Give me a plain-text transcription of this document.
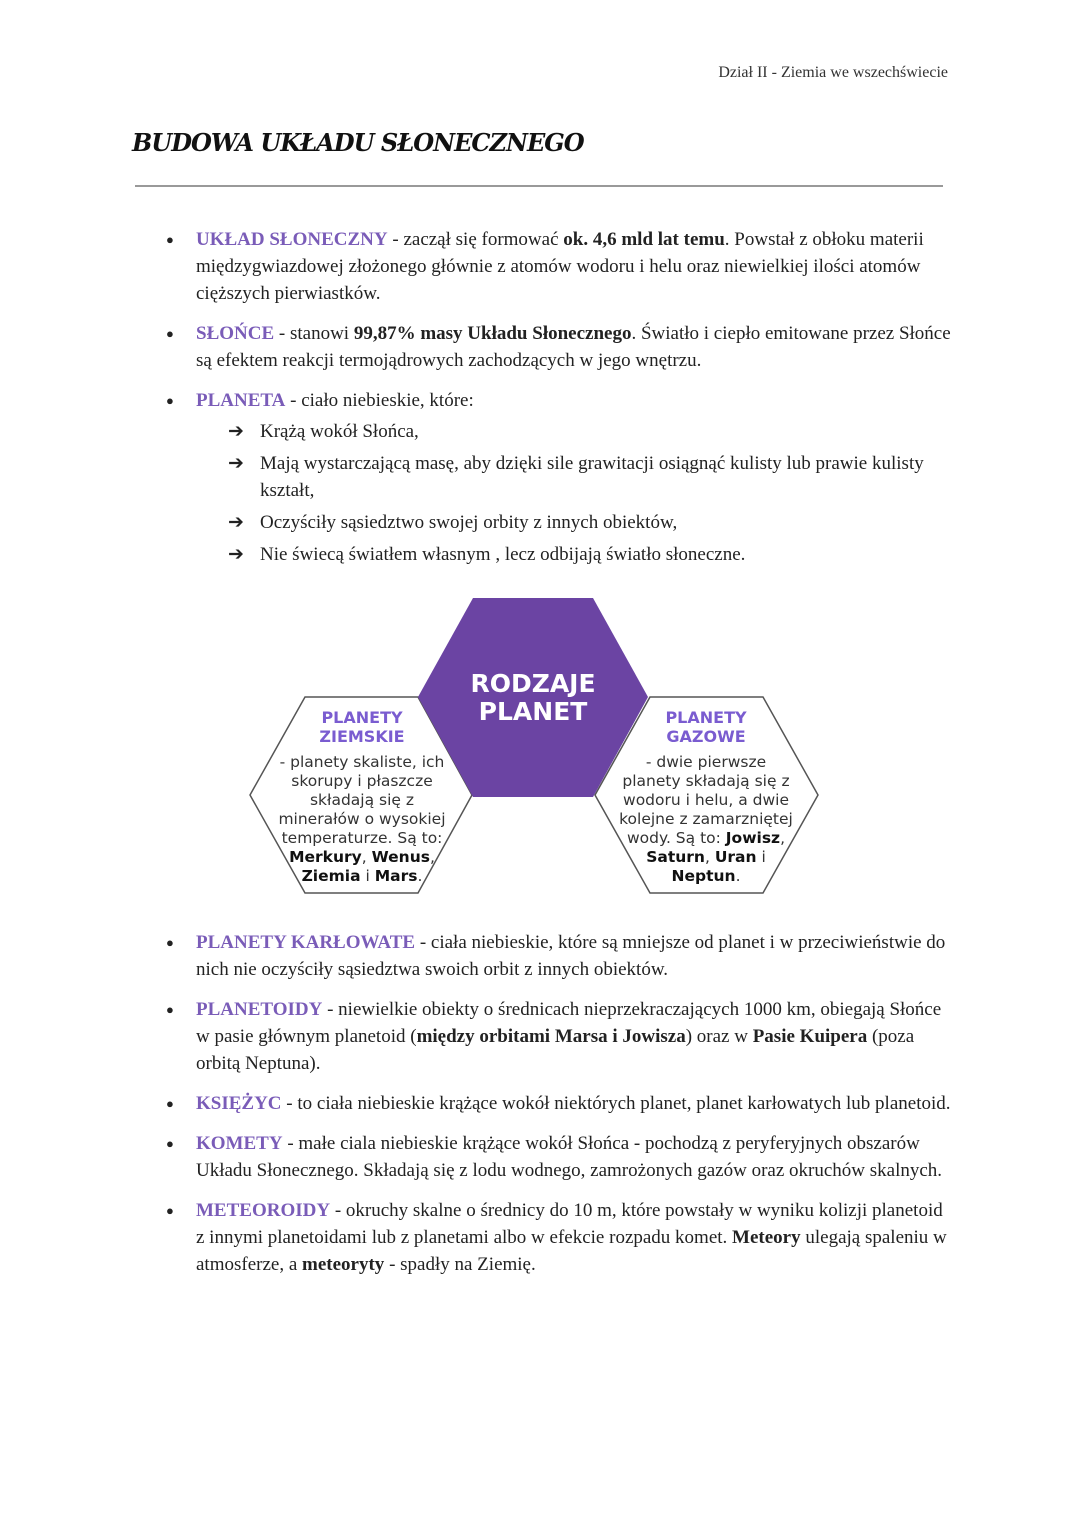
Dział II - Ziemia we wszechświecie
BUDOWA UKŁADU SŁONECZNEGO
● UKŁAD SŁONECZNY - zaczął się formować ok. 4,6 mld lat temu. Powstał z obłoku materii międzygwiazdowej złożonego głównie z atomów wodoru i helu oraz niewielkiej ilości atomów cięższych pierwiastków.
● SŁOŃCE - stanowi 99,87% masy Układu Słonecznego. Światło i ciepło emitowane przez Słońce są efektem reakcji termojądrowych zachodzących w jego wnętrzu.
● PLANETA - ciało niebieskie, które:
➔ Krążą wokół Słońca,
➔ Mają wystarczającą masę, aby dzięki sile grawitacji osiągnąć kulisty lub prawie kulisty kształt,
➔ Oczyściły sąsiedztwo swojej orbity z innych obiektów,
➔ Nie świecą światłem własnym , lecz odbijają światło słoneczne.
RODZAJE
PLANET
PLANETY
ZIEMSKIE
- planety skaliste, ich
skorupy i płaszcze
składają się z
minerałów o wysokiej
temperaturze. Są to:
Merkury, Wenus,
Ziemia i Mars.
PLANETY
GAZOWE
- dwie pierwsze
planety składają się z
wodoru i helu, a dwie
kolejne z zamarzniętej
wody. Są to: Jowisz,
Saturn, Uran i
Neptun.
● PLANETY KARŁOWATE - ciała niebieskie, które są mniejsze od planet i w przeciwieństwie do nich nie oczyściły sąsiedztwa swoich orbit z innych obiektów.
● PLANETOIDY - niewielkie obiekty o średnicach nieprzekraczających 1000 km, obiegają Słońce w pasie głównym planetoid (między orbitami Marsa i Jowisza) oraz w Pasie Kuipera (poza orbitą Neptuna).
● KSIĘŻYC - to ciała niebieskie krążące wokół niektórych planet, planet karłowatych lub planetoid.
● KOMETY - małe ciala niebieskie krążące wokół Słońca - pochodzą z peryferyjnych obszarów Układu Słonecznego. Składają się z lodu wodnego, zamrożonych gazów oraz okruchów skalnych.
● METEOROIDY - okruchy skalne o średnicy do 10 m, które powstały w wyniku kolizji planetoid z innymi planetoidami lub z planetami albo w efekcie rozpadu komet. Meteory ulegają spaleniu w atmosferze, a meteoryty - spadły na Ziemię.
